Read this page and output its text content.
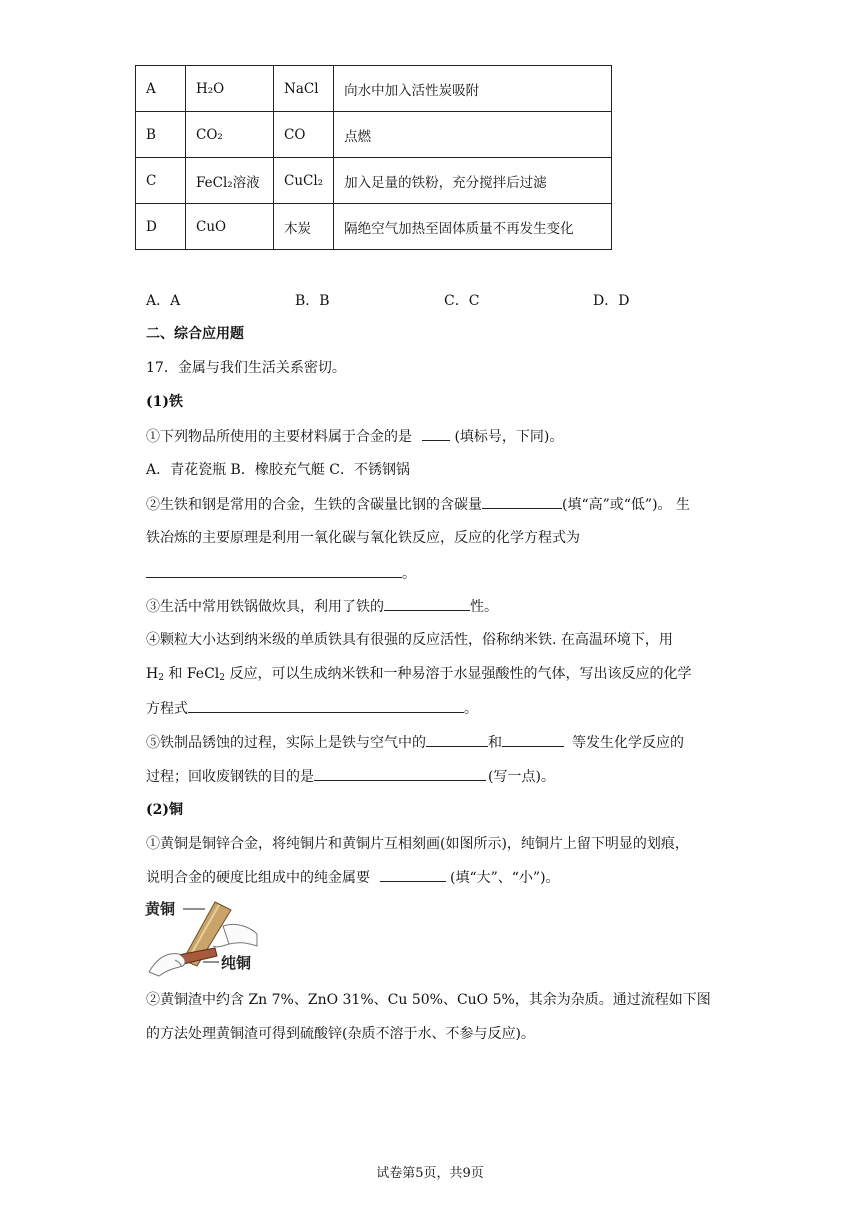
A	H₂O	NaCl	向水中加入活性炭吸附
B	CO₂	CO	点燃
C	FeCl₂溶液	CuCl₂	加入足量的铁粉，充分搅拌后过滤
D	CuO	木炭	隔绝空气加热至固体质量不再发生变化
A．A	B．B	C．C	D．D
二、综合应用题
17．金属与我们生活关系密切。
(1)铁
①下列物品所使用的主要材料属于合金的是	(填标号，下同)。
A．青花瓷瓶 B．橡胶充气艇 C．不锈钢锅
②生铁和钢是常用的合金，生铁的含碳量比钢的含碳量	(填“高”或“低”)。 生
铁冶炼的主要原理是利用一氧化碳与氧化铁反应，反应的化学方程式为
。
③生活中常用铁锅做炊具，利用了铁的	性。
④颗粒大小达到纳米级的单质铁具有很强的反应活性，俗称纳米铁. 在高温环境下，用
$H_2$ 和 FeCl$_2$ 反应，可以生成纳米铁和一种易溶于水显强酸性的气体，写出该反应的化学
方程式	。
⑤铁制品锈蚀的过程，实际上是铁与空气中的	和	等发生化学反应的
过程；回收废钢铁的目的是	(写一点)。
(2)铜
①黄铜是铜锌合金，将纯铜片和黄铜片互相刻画(如图所示)，纯铜片上留下明显的划痕，
说明合金的硬度比组成中的纯金属要	(填“大”、“小”)。
黄铜
纯铜
②黄铜渣中约含 Zn 7%、ZnO 31%、Cu 50%、CuO 5%，其余为杂质。通过流程如下图
的方法处理黄铜渣可得到硫酸锌(杂质不溶于水、不参与反应)。
试卷第5页，共9页
